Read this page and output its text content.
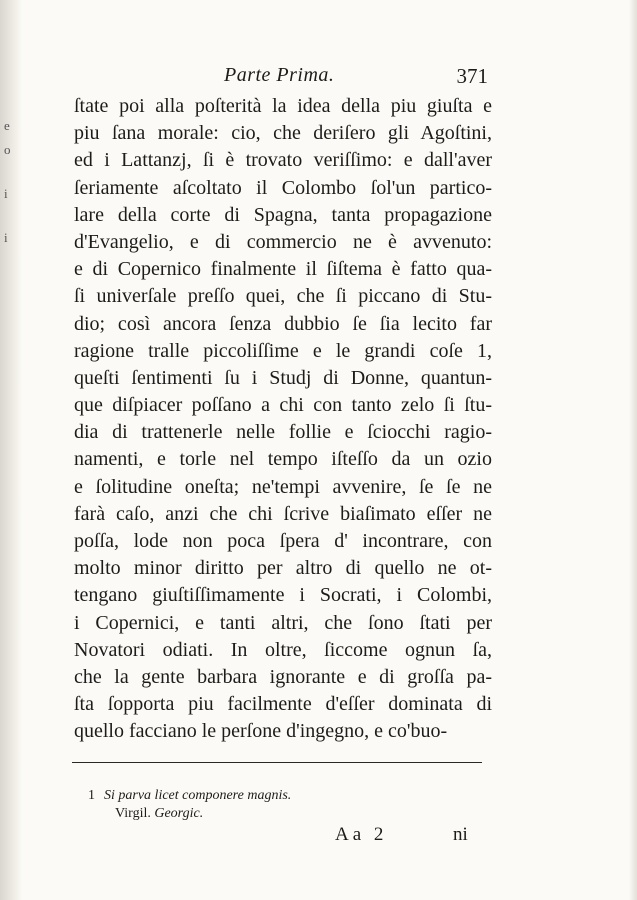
e
o
i
i
Parte Prima.	371
ſtate poi alla poſterità la idea della piu giuſta e
piu ſana morale: cio, che deriſero gli Agoſtini,
ed i Lattanzj, ſi è trovato veriſſimo: e dall'aver
ſeriamente aſcoltato il Colombo ſol'un partico-
lare della corte di Spagna, tanta propagazione
d'Evangelio, e di commercio ne è avvenuto:
e di Copernico finalmente il ſiſtema è fatto qua-
ſi univerſale preſſo quei, che ſi piccano di Stu-
dio; così ancora ſenza dubbio ſe ſia lecito far
ragione tralle piccoliſſime e le grandi coſe 1,
queſti ſentimenti ſu i Studj di Donne, quantun-
que diſpiacer poſſano a chi con tanto zelo ſi ſtu-
dia di trattenerle nelle follie e ſciocchi ragio-
namenti, e torle nel tempo iſteſſo da un ozio
e ſolitudine oneſta; ne'tempi avvenire, ſe ſe ne
farà caſo, anzi che chi ſcrive biaſimato eſſer ne
poſſa, lode non poca ſpera d' incontrare, con
molto minor diritto per altro di quello ne ot-
tengano giuſtiſſimamente i Socrati, i Colombi,
i Copernici, e tanti altri, che ſono ſtati per
Novatori odiati. In oltre, ſiccome ognun ſa,
che la gente barbara ignorante e di groſſa pa-
ſta ſopporta piu facilmente d'eſſer dominata di
quello facciano le perſone d'ingegno, e co'buo-
1 Si parva licet componere magnis.
Virgil. Georgic.
Aa 2	ni
